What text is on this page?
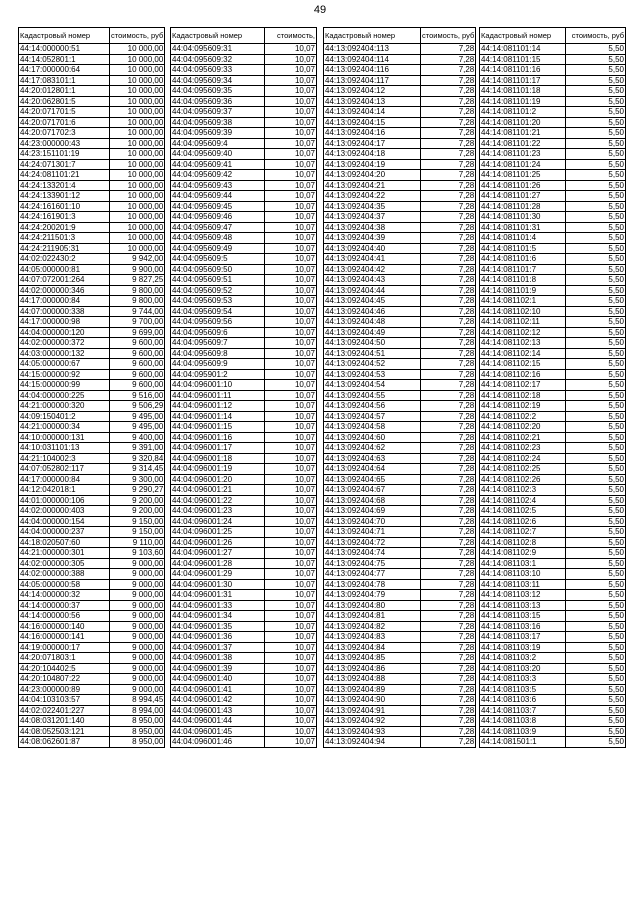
49
Кадастровый номер	стоимость, руб
44:14:000000:51	10 000,00
44:14:052801:1	10 000,00
44:17:000000:64	10 000,00
44:17:083101:1	10 000,00
44:20:012801:1	10 000,00
44:20:062801:5	10 000,00
44:20:071701:5	10 000,00
44:20:071701:6	10 000,00
44:20:071702:3	10 000,00
44:23:000000:43	10 000,00
44:23:151101:19	10 000,00
44:24:071301:7	10 000,00
44:24:081101:21	10 000,00
44:24:133201:4	10 000,00
44:24:133901:12	10 000,00
44:24:161601:10	10 000,00
44:24:161901:3	10 000,00
44:24:200201:9	10 000,00
44:24:211501:3	10 000,00
44:24:211905:31	10 000,00
44:02:022430:2	9 942,00
44:05:000000:81	9 900,00
44:07:072001:264	9 827,25
44:02:000000:346	9 800,00
44:17:000000:84	9 800,00
44:07:000000:338	9 744,00
44:17:000000:98	9 700,00
44:04:000000:120	9 699,00
44:02:000000:372	9 600,00
44:03:000000:132	9 600,00
44:05:000000:67	9 600,00
44:15:000000:92	9 600,00
44:15:000000:99	9 600,00
44:04:000000:225	9 516,00
44:21:000000:320	9 506,29
44:09:150401:2	9 495,00
44:21:000000:34	9 495,00
44:10:000000:131	9 400,00
44:10:031101:13	9 391,00
44:21:104002:3	9 320,84
44:07:052802:117	9 314,45
44:17:000000:84	9 300,00
44:12:042018:1	9 290,27
44:01:000000:106	9 200,00
44:02:000000:403	9 200,00
44:04:000000:154	9 150,00
44:04:000000:237	9 150,00
44:18:020507:60	9 110,00
44:21:000000:301	9 103,60
44:02:000000:305	9 000,00
44:02:000000:388	9 000,00
44:05:000000:58	9 000,00
44:14:000000:32	9 000,00
44:14:000000:37	9 000,00
44:14:000000:56	9 000,00
44:16:000000:140	9 000,00
44:16:000000:141	9 000,00
44:19:000000:17	9 000,00
44:20:071803:1	9 000,00
44:20:104402:5	9 000,00
44:20:104807:22	9 000,00
44:23:000000:89	9 000,00
44:04:103103:57	8 994,45
44:02:022401:227	8 994,00
44:08:031201:140	8 950,00
44:08:052503:121	8 950,00
44:08:062601:87	8 950,00
Кадастровый номер	стоимость,
44:04:095609:31	10,07
44:04:095609:32	10,07
44:04:095609:33	10,07
44:04:095609:34	10,07
44:04:095609:35	10,07
44:04:095609:36	10,07
44:04:095609:37	10,07
44:04:095609:38	10,07
44:04:095609:39	10,07
44:04:095609:4	10,07
44:04:095609:40	10,07
44:04:095609:41	10,07
44:04:095609:42	10,07
44:04:095609:43	10,07
44:04:095609:44	10,07
44:04:095609:45	10,07
44:04:095609:46	10,07
44:04:095609:47	10,07
44:04:095609:48	10,07
44:04:095609:49	10,07
44:04:095609:5	10,07
44:04:095609:50	10,07
44:04:095609:51	10,07
44:04:095609:52	10,07
44:04:095609:53	10,07
44:04:095609:54	10,07
44:04:095609:56	10,07
44:04:095609:6	10,07
44:04:095609:7	10,07
44:04:095609:8	10,07
44:04:095609:9	10,07
44:04:095901:2	10,07
44:04:096001:10	10,07
44:04:096001:11	10,07
44:04:096001:12	10,07
44:04:096001:14	10,07
44:04:096001:15	10,07
44:04:096001:16	10,07
44:04:096001:17	10,07
44:04:096001:18	10,07
44:04:096001:19	10,07
44:04:096001:20	10,07
44:04:096001:21	10,07
44:04:096001:22	10,07
44:04:096001:23	10,07
44:04:096001:24	10,07
44:04:096001:25	10,07
44:04:096001:26	10,07
44:04:096001:27	10,07
44:04:096001:28	10,07
44:04:096001:29	10,07
44:04:096001:30	10,07
44:04:096001:31	10,07
44:04:096001:33	10,07
44:04:096001:34	10,07
44:04:096001:35	10,07
44:04:096001:36	10,07
44:04:096001:37	10,07
44:04:096001:38	10,07
44:04:096001:39	10,07
44:04:096001:40	10,07
44:04:096001:41	10,07
44:04:096001:42	10,07
44:04:096001:43	10,07
44:04:096001:44	10,07
44:04:096001:45	10,07
44:04:096001:46	10,07
Кадастровый номер	стоимость, руб
44:13:092404:113	7,28
44:13:092404:114	7,28
44:13:092404:116	7,28
44:13:092404:117	7,28
44:13:092404:12	7,28
44:13:092404:13	7,28
44:13:092404:14	7,28
44:13:092404:15	7,28
44:13:092404:16	7,28
44:13:092404:17	7,28
44:13:092404:18	7,28
44:13:092404:19	7,28
44:13:092404:20	7,28
44:13:092404:21	7,28
44:13:092404:22	7,28
44:13:092404:35	7,28
44:13:092404:37	7,28
44:13:092404:38	7,28
44:13:092404:39	7,28
44:13:092404:40	7,28
44:13:092404:41	7,28
44:13:092404:42	7,28
44:13:092404:43	7,28
44:13:092404:44	7,28
44:13:092404:45	7,28
44:13:092404:46	7,28
44:13:092404:48	7,28
44:13:092404:49	7,28
44:13:092404:50	7,28
44:13:092404:51	7,28
44:13:092404:52	7,28
44:13:092404:53	7,28
44:13:092404:54	7,28
44:13:092404:55	7,28
44:13:092404:56	7,28
44:13:092404:57	7,28
44:13:092404:58	7,28
44:13:092404:60	7,28
44:13:092404:62	7,28
44:13:092404:63	7,28
44:13:092404:64	7,28
44:13:092404:65	7,28
44:13:092404:67	7,28
44:13:092404:68	7,28
44:13:092404:69	7,28
44:13:092404:70	7,28
44:13:092404:71	7,28
44:13:092404:72	7,28
44:13:092404:74	7,28
44:13:092404:75	7,28
44:13:092404:77	7,28
44:13:092404:78	7,28
44:13:092404:79	7,28
44:13:092404:80	7,28
44:13:092404:81	7,28
44:13:092404:82	7,28
44:13:092404:83	7,28
44:13:092404:84	7,28
44:13:092404:85	7,28
44:13:092404:86	7,28
44:13:092404:88	7,28
44:13:092404:89	7,28
44:13:092404:90	7,28
44:13:092404:91	7,28
44:13:092404:92	7,28
44:13:092404:93	7,28
44:13:092404:94	7,28
Кадастровый номер	стоимость, руб
44:14:081101:14	5,50
44:14:081101:15	5,50
44:14:081101:16	5,50
44:14:081101:17	5,50
44:14:081101:18	5,50
44:14:081101:19	5,50
44:14:081101:2	5,50
44:14:081101:20	5,50
44:14:081101:21	5,50
44:14:081101:22	5,50
44:14:081101:23	5,50
44:14:081101:24	5,50
44:14:081101:25	5,50
44:14:081101:26	5,50
44:14:081101:27	5,50
44:14:081101:28	5,50
44:14:081101:30	5,50
44:14:081101:31	5,50
44:14:081101:4	5,50
44:14:081101:5	5,50
44:14:081101:6	5,50
44:14:081101:7	5,50
44:14:081101:8	5,50
44:14:081101:9	5,50
44:14:081102:1	5,50
44:14:081102:10	5,50
44:14:081102:11	5,50
44:14:081102:12	5,50
44:14:081102:13	5,50
44:14:081102:14	5,50
44:14:081102:15	5,50
44:14:081102:16	5,50
44:14:081102:17	5,50
44:14:081102:18	5,50
44:14:081102:19	5,50
44:14:081102:2	5,50
44:14:081102:20	5,50
44:14:081102:21	5,50
44:14:081102:23	5,50
44:14:081102:24	5,50
44:14:081102:25	5,50
44:14:081102:26	5,50
44:14:081102:3	5,50
44:14:081102:4	5,50
44:14:081102:5	5,50
44:14:081102:6	5,50
44:14:081102:7	5,50
44:14:081102:8	5,50
44:14:081102:9	5,50
44:14:081103:1	5,50
44:14:081103:10	5,50
44:14:081103:11	5,50
44:14:081103:12	5,50
44:14:081103:13	5,50
44:14:081103:15	5,50
44:14:081103:16	5,50
44:14:081103:17	5,50
44:14:081103:19	5,50
44:14:081103:2	5,50
44:14:081103:20	5,50
44:14:081103:3	5,50
44:14:081103:5	5,50
44:14:081103:6	5,50
44:14:081103:7	5,50
44:14:081103:8	5,50
44:14:081103:9	5,50
44:14:081501:1	5,50
